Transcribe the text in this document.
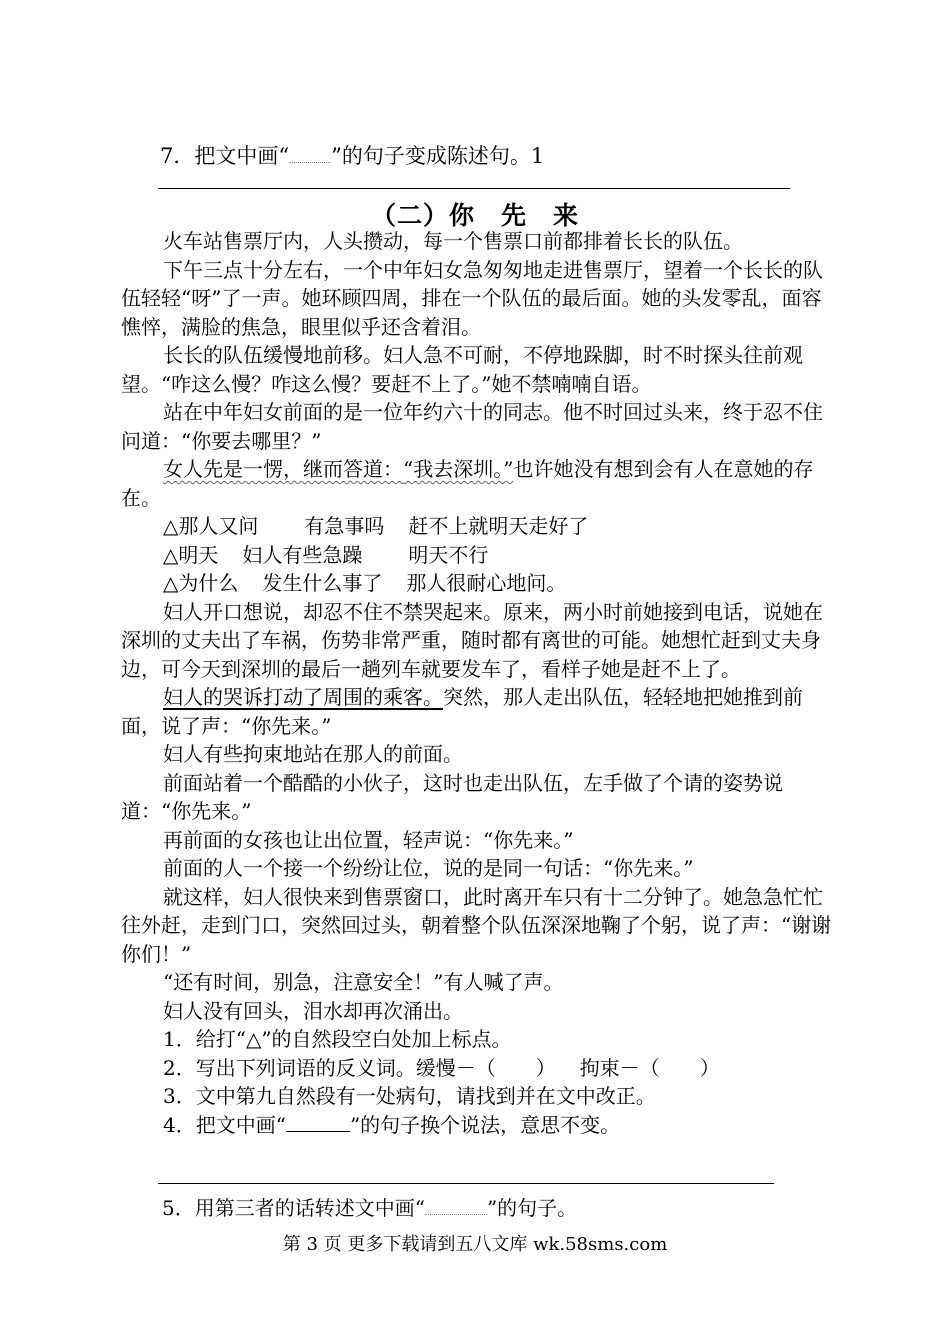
7．把文中画“ ”的句子变成陈述句。1
（二）你　先　来

火车站售票厅内，人头攒动，每一个售票口前都排着长长的队伍。

下午三点十分左右，一个中年妇女急匆匆地走进售票厅，望着一个长长的队伍轻轻“呀”了一声。她环顾四周，排在一个队伍的最后面。她的头发零乱，面容憔悴，满脸的焦急，眼里似乎还含着泪。

长长的队伍缓慢地前移。妇人急不可耐，不停地跺脚，时不时探头往前观望。“咋这么慢？咋这么慢？要赶不上了。”她不禁喃喃自语。

站在中年妇女前面的是一位年约六十的同志。他不时回过头来，终于忍不住问道：“你要去哪里？”

女人先是一愣，继而答道：“我去深圳。”也许她没有想到会有人在意她的存在。

△那人又问 有急事吗 赶不上就明天走好了

△明天 妇人有些急躁 明天不行

△为什么 发生什么事了 那人很耐心地问。

妇人开口想说，却忍不住不禁哭起来。原来，两小时前她接到电话，说她在深圳的丈夫出了车祸，伤势非常严重，随时都有离世的可能。她想忙赶到丈夫身边，可今天到深圳的最后一趟列车就要发车了，看样子她是赶不上了。

妇人的哭诉打动了周围的乘客。突然，那人走出队伍，轻轻地把她推到前面，说了声：“你先来。”

妇人有些拘束地站在那人的前面。

前面站着一个酷酷的小伙子，这时也走出队伍，左手做了个请的姿势说道：“你先来。”

再前面的女孩也让出位置，轻声说：“你先来。”

前面的人一个接一个纷纷让位，说的是同一句话：“你先来。”

就这样，妇人很快来到售票窗口，此时离开车只有十二分钟了。她急急忙忙往外赶，走到门口，突然回过头，朝着整个队伍深深地鞠了个躬，说了声：“谢谢你们！”

“还有时间，别急，注意安全！”有人喊了声。

妇人没有回头，泪水却再次涌出。

1．给打“△”的自然段空白处加上标点。

2．写出下列词语的反义词。缓慢－（　　） 拘束－（　　）

3．文中第九自然段有一处病句，请找到并在文中改正。

4．把文中画“	”的句子换个说法，意思不变。

5．用第三者的话转述文中画“	”的句子。
第 3 页 更多下载请到五八文库 wk.58sms.com
